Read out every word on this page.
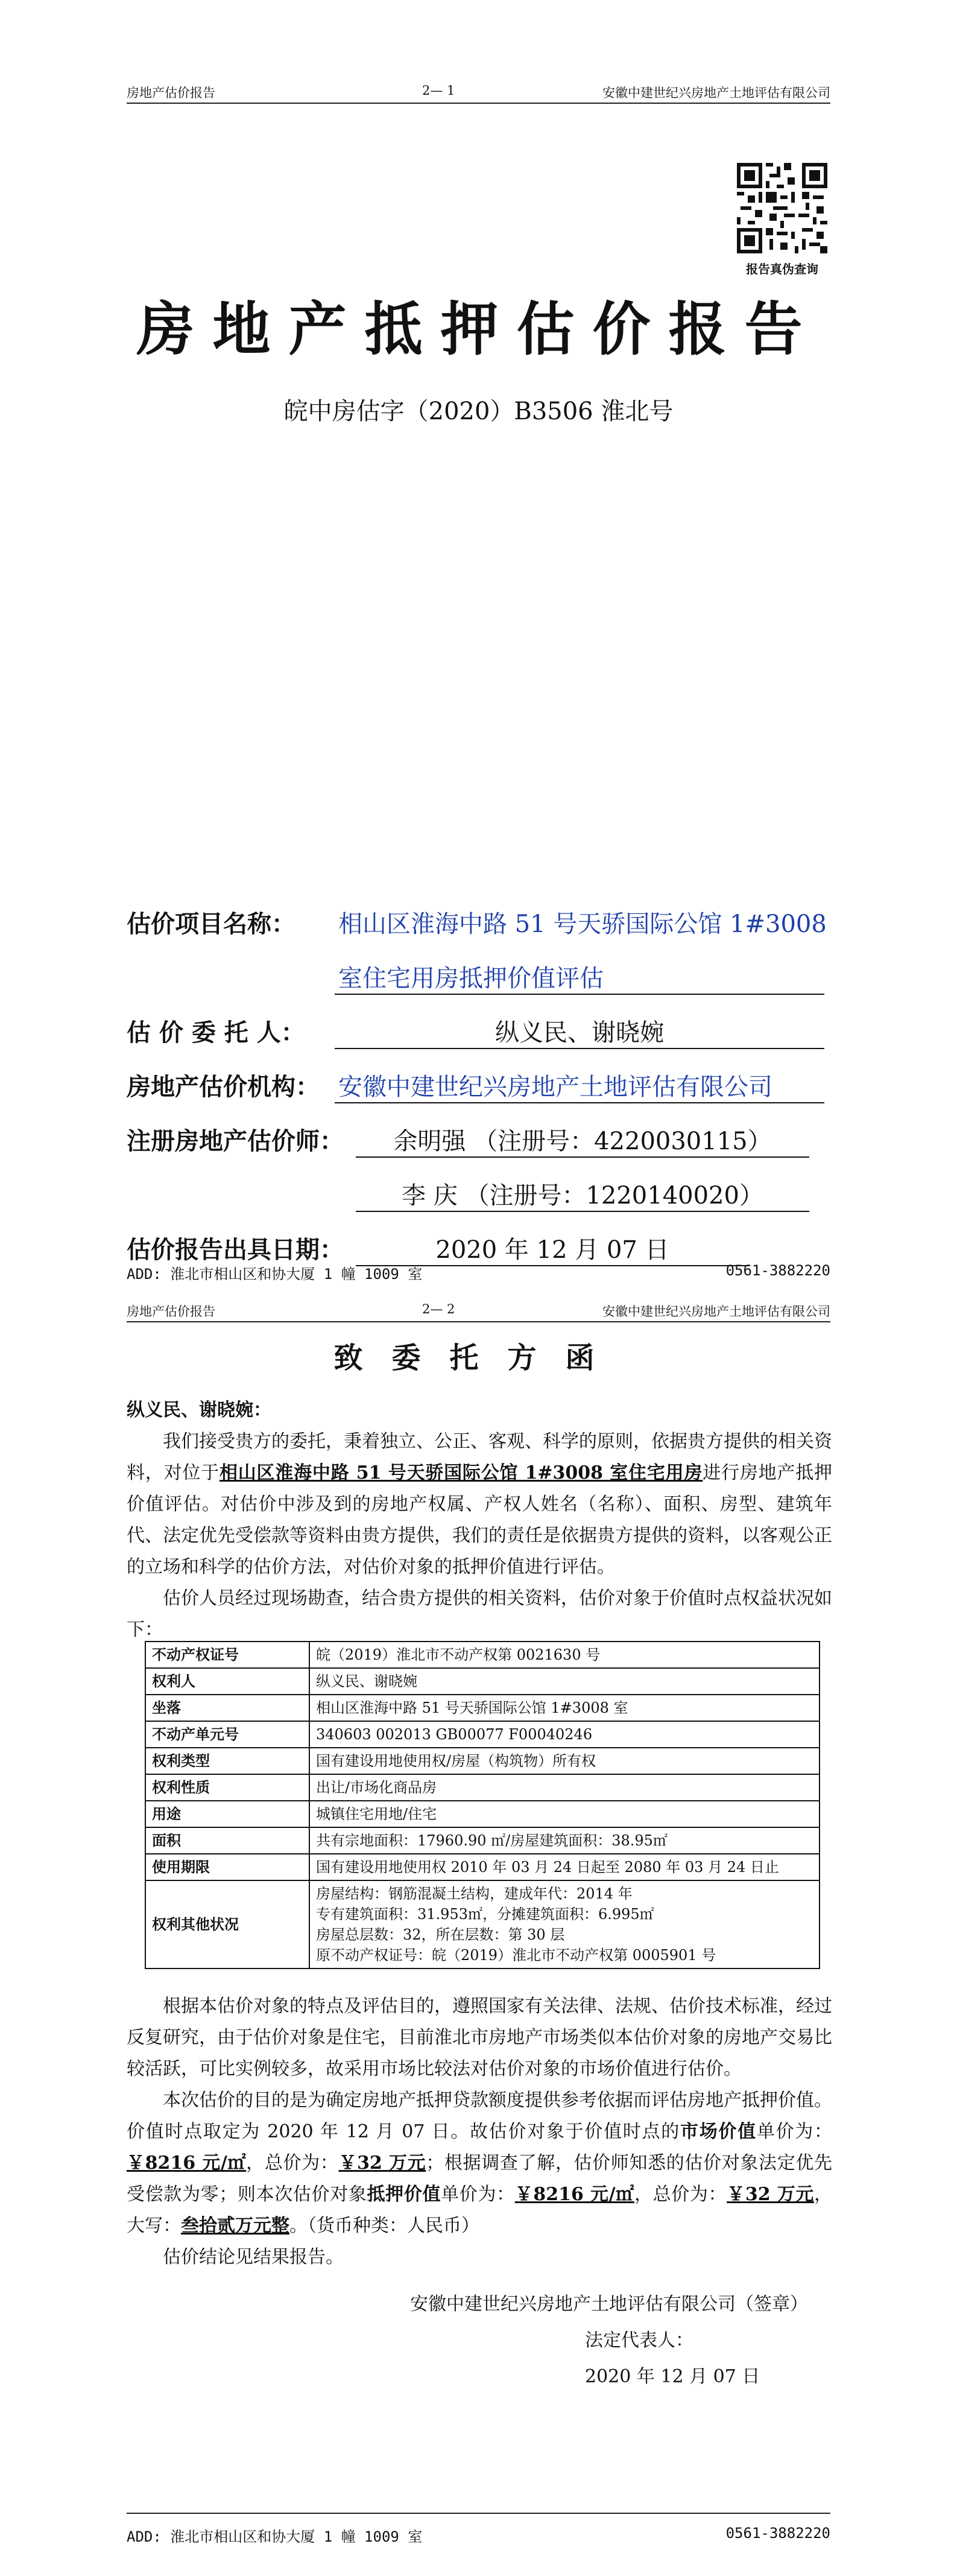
房地产估价报告	2— 1	安徽中建世纪兴房地产土地评估有限公司
报告真伪查询
房地产抵押估价报告
皖中房估字（2020）B3506 淮北号
估价项目名称： 相山区淮海中路 51 号天骄国际公馆 1#3008
室住宅用房抵押价值评估
估 价 委 托 人：	纵义民、谢晓婉
房地产估价机构： 安徽中建世纪兴房地产土地评估有限公司
注册房地产估价师：	余明强 （注册号：4220030115）
李 庆 （注册号：1220140020）
估价报告出具日期：	2020 年 12 月 07 日
ADD: 淮北市相山区和协大厦 1 幢 1009 室	0561-3882220
房地产估价报告	2— 2	安徽中建世纪兴房地产土地评估有限公司
致委托方函

纵义民、谢晓婉：

我们接受贵方的委托，秉着独立、公正、客观、科学的原则，依据贵方提供的相关资料，对位于相山区淮海中路 51 号天骄国际公馆 1#3008 室住宅用房进行房地产抵押价值评估。对估价中涉及到的房地产权属、产权人姓名（名称）、面积、房型、建筑年代、法定优先受偿款等资料由贵方提供，我们的责任是依据贵方提供的资料，以客观公正的立场和科学的估价方法，对估价对象的抵押价值进行评估。

估价人员经过现场勘查，结合贵方提供的相关资料，估价对象于价值时点权益状况如下：

不动产权证号	皖（2019）淮北市不动产权第 0021630 号
权利人	纵义民、谢晓婉
坐落	相山区淮海中路 51 号天骄国际公馆 1#3008 室
不动产单元号	340603 002013 GB00077 F00040246
权利类型	国有建设用地使用权/房屋（构筑物）所有权
权利性质	出让/市场化商品房
用途	城镇住宅用地/住宅
面积	共有宗地面积：17960.90 ㎡/房屋建筑面积：38.95㎡
使用期限	国有建设用地使用权 2010 年 03 月 24 日起至 2080 年 03 月 24 日止
权利其他状况	房屋结构：钢筋混凝土结构，建成年代：2014 年
专有建筑面积：31.953㎡，分摊建筑面积：6.995㎡
房屋总层数：32，所在层数：第 30 层
原不动产权证号：皖（2019）淮北市不动产权第 0005901 号

根据本估价对象的特点及评估目的，遵照国家有关法律、法规、估价技术标准，经过反复研究，由于估价对象是住宅，目前淮北市房地产市场类似本估价对象的房地产交易比较活跃，可比实例较多，故采用市场比较法对估价对象的市场价值进行估价。

本次估价的目的是为确定房地产抵押贷款额度提供参考依据而评估房地产抵押价值。价值时点取定为 2020 年 12 月 07 日。故估价对象于价值时点的市场价值单价为：￥8216 元/㎡，总价为：￥32 万元；根据调查了解，估价师知悉的估价对象法定优先受偿款为零；则本次估价对象抵押价值单价为：￥8216 元/㎡，总价为：￥32 万元，大写：叁拾贰万元整。（货币种类：人民币）

估价结论见结果报告。

安徽中建世纪兴房地产土地评估有限公司（签章）
法定代表人：
2020 年 12 月 07 日
ADD: 淮北市相山区和协大厦 1 幢 1009 室	0561-3882220
